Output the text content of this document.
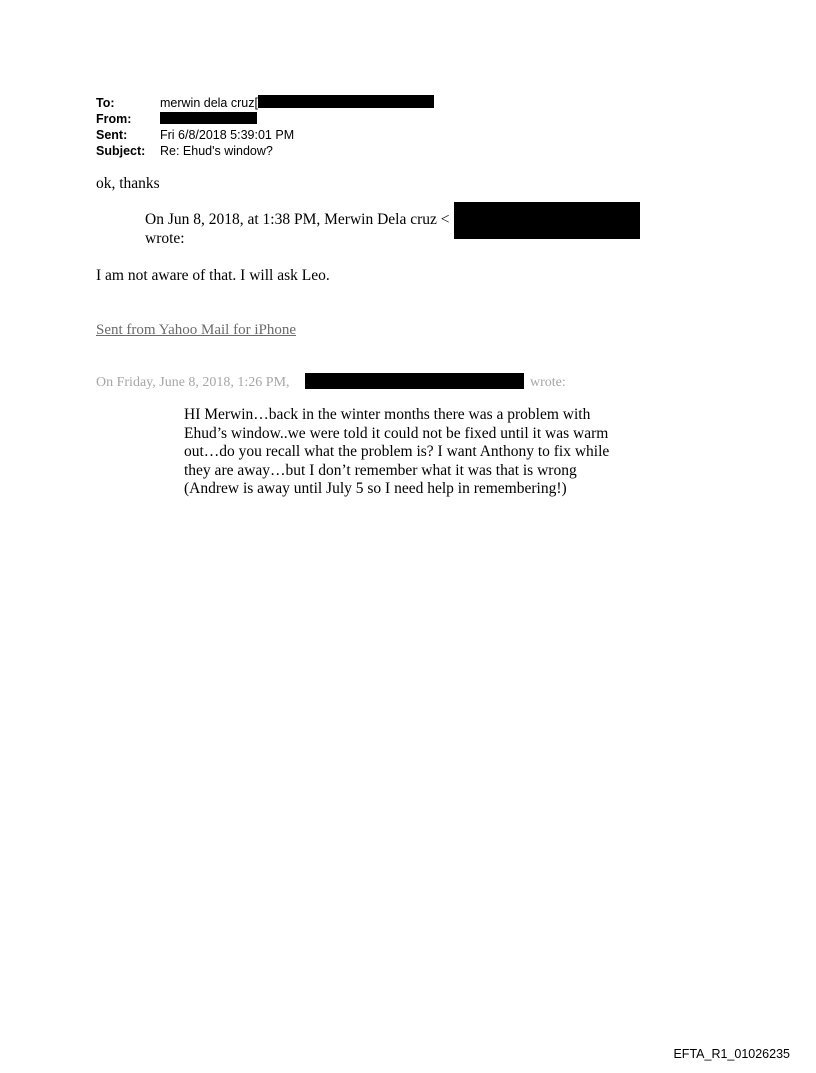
To:	merwin dela cruz[
From:
Sent:	Fri 6/8/2018 5:39:01 PM
Subject: Re: Ehud's window?
ok, thanks
On Jun 8, 2018, at 1:38 PM, Merwin Dela cruz <
wrote:
I am not aware of that. I will ask Leo.
Sent from Yahoo Mail for iPhone
On Friday, June 8, 2018, 1:26 PM,	wrote:
HI Merwin…back in the winter months there was a problem with
Ehud’s window..we were told it could not be fixed until it was warm
out…do you recall what the problem is? I want Anthony to fix while
they are away…but I don’t remember what it was that is wrong
(Andrew is away until July 5 so I need help in remembering!)
EFTA_R1_01026235
